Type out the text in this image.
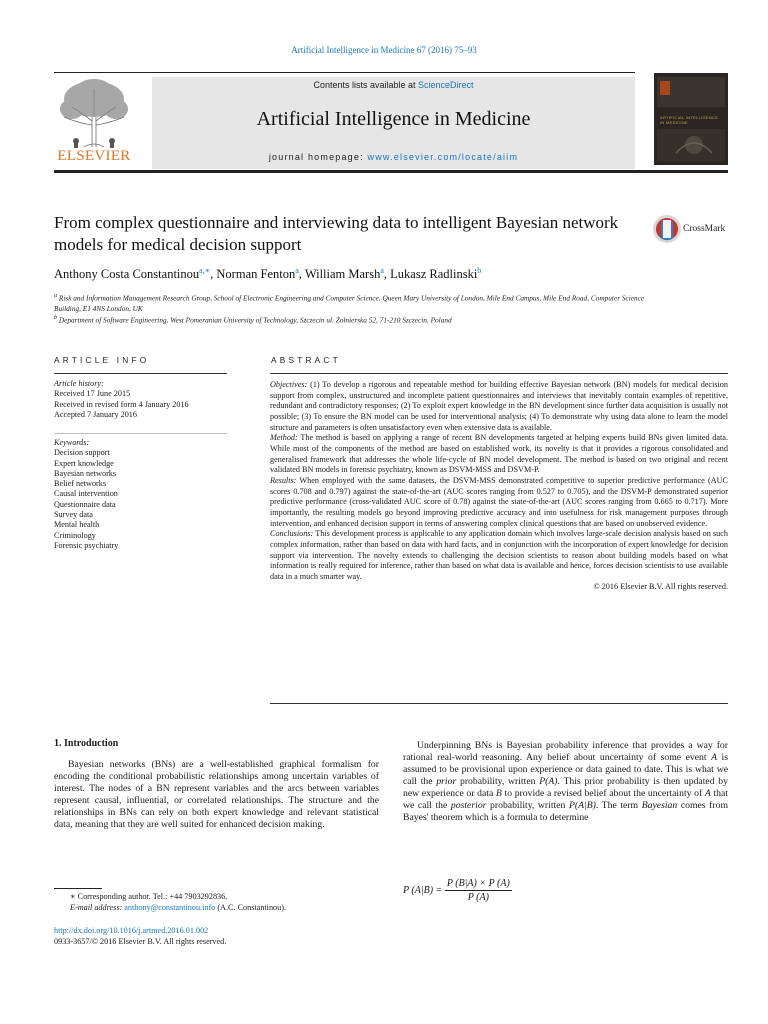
Artificial Intelligence in Medicine 67 (2016) 75–93
ELSEVIER
Contents lists available at ScienceDirect
Artificial Intelligence in Medicine
journal homepage: www.elsevier.com/locate/aiim
ARTIFICIAL INTELLIGENCE IN MEDICINE
From complex questionnaire and interviewing data to intelligent Bayesian network models for medical decision support
CrossMark
Anthony Costa Constantinou$^{a,∗}$, Norman Fenton$^a$, William Marsh$^a$, Lukasz Radlinski$^b$
$^a$ Risk and Information Management Research Group, School of Electronic Engineering and Computer Science, Queen Mary University of London, Mile End Campus, Mile End Road, Computer Science Building, E1 4NS London, UK
$^b$ Department of Software Engineering, West Pomeranian University of Technology, Szczecin ul. Żołnierska 52, 71-210 Szczecin, Poland
ARTICLE INFO
Article history:
Received 17 June 2015
Received in revised form 4 January 2016
Accepted 7 January 2016
Keywords:
Decision support
Expert knowledge
Bayesian networks
Belief networks
Causal intervention
Questionnaire data
Survey data
Mental health
Criminology
Forensic psychiatry
ABSTRACT
Objectives: (1) To develop a rigorous and repeatable method for building effective Bayesian network (BN) models for medical decision support from complex, unstructured and incomplete patient questionnaires and interviews that inevitably contain examples of repetitive, redundant and contradictory responses; (2) To exploit expert knowledge in the BN development since further data acquisition is usually not possible; (3) To ensure the BN model can be used for interventional analysis; (4) To demonstrate why using data alone to learn the model structure and parameters is often unsatisfactory even when extensive data is available.
Method: The method is based on applying a range of recent BN developments targeted at helping experts build BNs given limited data. While most of the components of the method are based on established work, its novelty is that it provides a rigorous consolidated and generalised framework that addresses the whole life-cycle of BN model development. The method is based on two original and recent validated BN models in forensic psychiatry, known as DSVM-MSS and DSVM-P.
Results: When employed with the same datasets, the DSVM-MSS demonstrated competitive to superior predictive performance (AUC scores 0.708 and 0.797) against the state-of-the-art (AUC scores ranging from 0.527 to 0.705), and the DSVM-P demonstrated superior predictive performance (cross-validated AUC score of 0.78) against the state-of-the-art (AUC scores ranging from 0.665 to 0.717). More importantly, the resulting models go beyond improving predictive accuracy and into usefulness for risk management purposes through intervention, and enhanced decision support in terms of answering complex clinical questions that are based on unobserved evidence.
Conclusions: This development process is applicable to any application domain which involves large-scale decision analysis based on such complex information, rather than based on data with hard facts, and in conjunction with the incorporation of expert knowledge for decision support via intervention. The novelty extends to challenging the decision scientists to reason about building models based on what information is really required for inference, rather than based on what data is available and hence, forces decision scientists to use available data in a much smarter way.
© 2016 Elsevier B.V. All rights reserved.
1. Introduction
Bayesian networks (BNs) are a well-established graphical formalism for encoding the conditional probabilistic relationships among uncertain variables of interest. The nodes of a BN represent variables and the arcs between variables represent causal, influential, or correlated relationships. The structure and the relationships in BNs can rely on both expert knowledge and relevant statistical data, meaning that they are well suited for enhanced decision making.
Underpinning BNs is Bayesian probability inference that provides a way for rational real-world reasoning. Any belief about uncertainty of some event A is assumed to be provisional upon experience or data gained to date. This is what we call the prior probability, written P(A). This prior probability is then updated by new experience or data B to provide a revised belief about the uncertainty of A that we call the posterior probability, written P(A|B). The term Bayesian comes from Bayes' theorem which is a formula to determine
P $(A|B) = \frac{P (B|A) \times P (A)}{P (A)}$
∗ Corresponding author. Tel.: +44 7903292836.
E-mail address: anthony@constantinou.info (A.C. Constantinou).
http://dx.doi.org/10.1016/j.artmed.2016.01.002
0933-3657/© 2016 Elsevier B.V. All rights reserved.
